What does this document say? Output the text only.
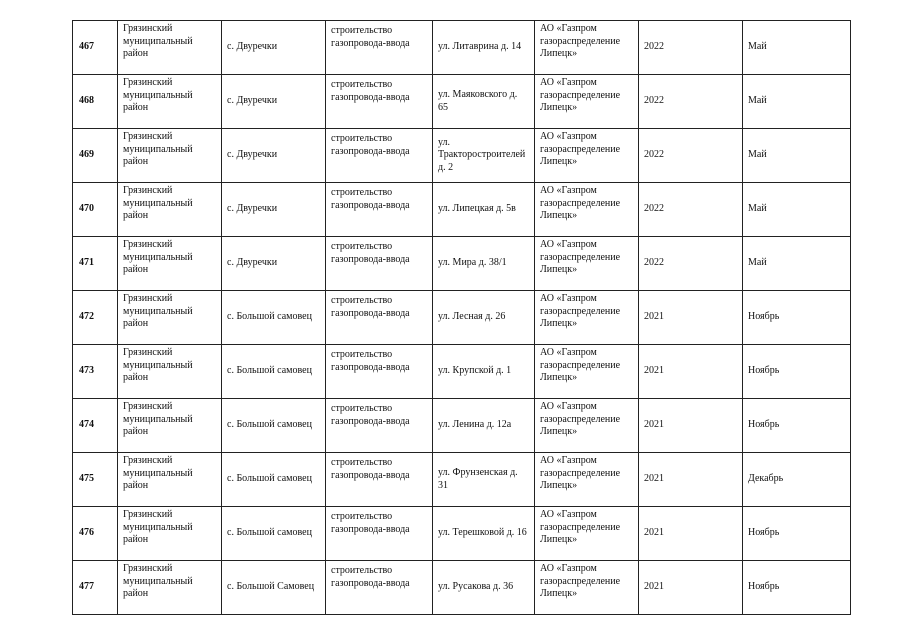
467	Грязинский муниципальный район	с. Двуречки	строительство газопровода-ввода	ул. Литаврина д. 14	АО «Газпром газораспределение Липецк»	2022	Май
468	Грязинский муниципальный район	с. Двуречки	строительство газопровода-ввода	ул. Маяковского д. 65	АО «Газпром газораспределение Липецк»	2022	Май
469	Грязинский муниципальный район	с. Двуречки	строительство газопровода-ввода	ул. Тракторостроителей д. 2	АО «Газпром газораспределение Липецк»	2022	Май
470	Грязинский муниципальный район	с. Двуречки	строительство газопровода-ввода	ул. Липецкая д. 5в	АО «Газпром газораспределение Липецк»	2022	Май
471	Грязинский муниципальный район	с. Двуречки	строительство газопровода-ввода	ул. Мира д. 38/1	АО «Газпром газораспределение Липецк»	2022	Май
472	Грязинский муниципальный район	с. Большой самовец	строительство газопровода-ввода	ул. Лесная д. 26	АО «Газпром газораспределение Липецк»	2021	Ноябрь
473	Грязинский муниципальный район	с. Большой самовец	строительство газопровода-ввода	ул. Крупской д. 1	АО «Газпром газораспределение Липецк»	2021	Ноябрь
474	Грязинский муниципальный район	с. Большой самовец	строительство газопровода-ввода	ул. Ленина д. 12а	АО «Газпром газораспределение Липецк»	2021	Ноябрь
475	Грязинский муниципальный район	с. Большой самовец	строительство газопровода-ввода	ул. Фрунзенская д. 31	АО «Газпром газораспределение Липецк»	2021	Декабрь
476	Грязинский муниципальный район	с. Большой самовец	строительство газопровода-ввода	ул. Терешковой д. 16	АО «Газпром газораспределение Липецк»	2021	Ноябрь
477	Грязинский муниципальный район	с. Большой Самовец	строительство газопровода-ввода	ул. Русакова д. 36	АО «Газпром газораспределение Липецк»	2021	Ноябрь
